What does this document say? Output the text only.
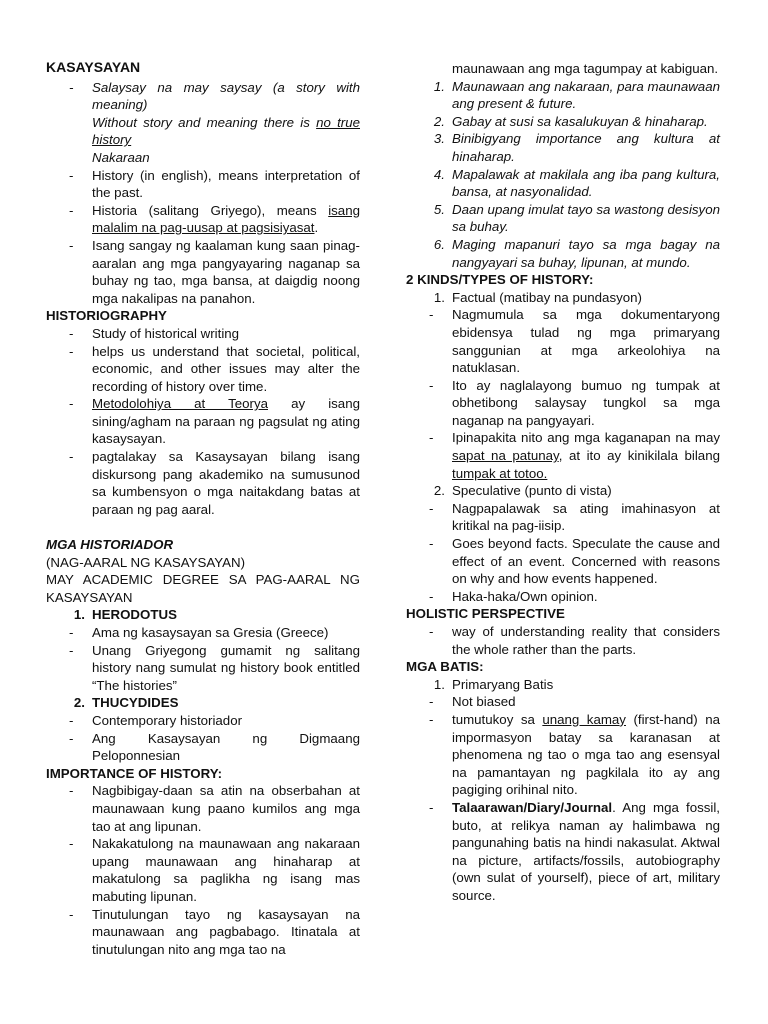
KASAYSAYAN
- Salaysay na may saysay (a story with meaning)
Without story and meaning there is no true history
Nakaraan
- History (in english), means interpretation of the past.
- Historia (salitang Griyego), means isang malalim na pag-uusap at pagsisiyasat.
- Isang sangay ng kaalaman kung saan pinag-aaralan ang mga pangyayaring naganap sa buhay ng tao, mga bansa, at daigdig noong mga nakalipas na panahon.
HISTORIOGRAPHY
- Study of historical writing
- helps us understand that societal, political, economic, and other issues may alter the recording of history over time.
- Metodolohiya at Teorya ay isang sining/agham na paraan ng pagsulat ng ating kasaysayan.
- pagtalakay sa Kasaysayan bilang isang diskursong pang akademiko na sumusunod sa kumbensyon o mga naitakdang batas at paraan ng pag aaral.
MGA HISTORIADOR
(NAG-AARAL NG KASAYSAYAN)
MAY ACADEMIC DEGREE SA PAG-AARAL NG KASAYSAYAN
1. HERODOTUS
- Ama ng kasaysayan sa Gresia (Greece)
- Unang Griyegong gumamit ng salitang history nang sumulat ng history book entitled “The histories”
2. THUCYDIDES
- Contemporary historiador
- Ang Kasaysayan ng Digmaang Peloponnesian
IMPORTANCE OF HISTORY:
- Nagbibigay-daan sa atin na obserbahan at maunawaan kung paano kumilos ang mga tao at ang lipunan.
- Nakakatulong na maunawaan ang nakaraan upang maunawaan ang hinaharap at makatulong sa paglikha ng isang mas mabuting lipunan.
- Tinutulungan tayo ng kasaysayan na maunawaan ang pagbabago. Itinatala at tinutulungan nito ang mga tao na
maunawaan ang mga tagumpay at kabiguan.
1. Maunawaan ang nakaraan, para maunawaan ang present & future.
2. Gabay at susi sa kasalukuyan & hinaharap.
3. Binibigyang importance ang kultura at hinaharap.
4. Mapalawak at makilala ang iba pang kultura, bansa, at nasyonalidad.
5. Daan upang imulat tayo sa wastong desisyon sa buhay.
6. Maging mapanuri tayo sa mga bagay na nangyayari sa buhay, lipunan, at mundo.
2 KINDS/TYPES OF HISTORY:
1. Factual (matibay na pundasyon)
- Nagmumula sa mga dokumentaryong ebidensya tulad ng mga primaryang sanggunian at mga arkeolohiya na natuklasan.
- Ito ay naglalayong bumuo ng tumpak at obhetibong salaysay tungkol sa mga naganap na pangyayari.
- Ipinapakita nito ang mga kaganapan na may sapat na patunay, at ito ay kinikilala bilang tumpak at totoo.
2. Speculative (punto di vista)
- Nagpapalawak sa ating imahinasyon at kritikal na pag-iisip.
- Goes beyond facts. Speculate the cause and effect of an event. Concerned with reasons on why and how events happened.
- Haka-haka/Own opinion.
HOLISTIC PERSPECTIVE
- way of understanding reality that considers the whole rather than the parts.
MGA BATIS:
1. Primaryang Batis
- Not biased
- tumutukoy sa unang kamay (first-hand) na impormasyon batay sa karanasan at phenomena ng tao o mga tao ang esensyal na pamantayan ng pagkilala ito ay ang pagiging orihinal nito.
- Talaarawan/Diary/Journal. Ang mga fossil, buto, at relikya naman ay halimbawa ng pangunahing batis na hindi nakasulat. Aktwal na picture, artifacts/fossils, autobiography (own sulat of yourself), piece of art, military source.
